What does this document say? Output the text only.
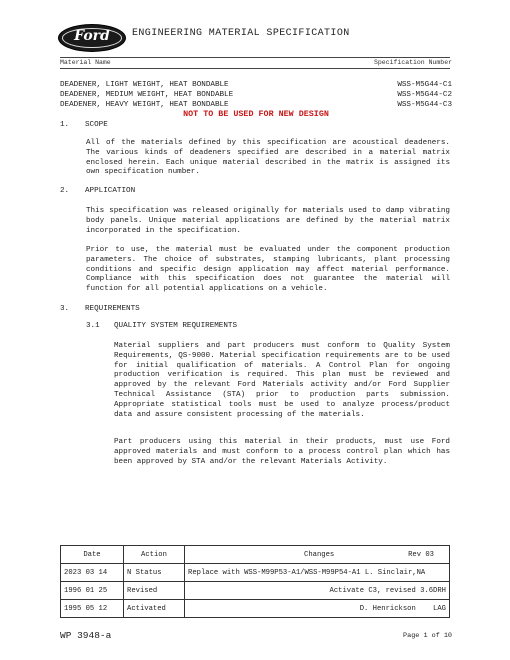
Ford	ENGINEERING MATERIAL SPECIFICATION
Material Name	Specification Number
DEADENER, LIGHT WEIGHT, HEAT BONDABLE	WSS-M5G44-C1
DEADENER, MEDIUM WEIGHT, HEAT BONDABLE	WSS-M5G44-C2
DEADENER, HEAVY WEIGHT, HEAT BONDABLE	WSS-M5G44-C3
NOT TO BE USED FOR NEW DESIGN
1. SCOPE
All of the materials defined by this specification are acoustical deadeners. The various kinds of deadeners specified are described in a material matrix enclosed herein. Each unique material described in the matrix is assigned its own specification number.
2. APPLICATION
This specification was released originally for materials used to damp vibrating body panels. Unique material applications are defined by the material matrix incorporated in the specification.
Prior to use, the material must be evaluated under the component production parameters. The choice of substrates, stamping lubricants, plant processing conditions and specific design application may affect material performance. Compliance with this specification does not guarantee the material will function for all potential applications on a vehicle.
3. REQUIREMENTS
3.1 QUALITY SYSTEM REQUIREMENTS
Material suppliers and part producers must conform to Quality System Requirements, QS-9000. Material specification requirements are to be used for initial qualification of materials. A Control Plan for ongoing production verification is required. This plan must be reviewed and approved by the relevant Ford Materials activity and/or Ford Supplier Technical Assistance (STA) prior to production parts submission. Appropriate statistical tools must be used to analyze process/product data and assure consistent processing of the materials.
Part producers using this material in their products, must use Ford approved materials and must conform to a process control plan which has been approved by STA and/or the relevant Materials Activity.
Date	Action	Changes Rev 03

2023 03 14	N Status	Replace with WSS-M99P53-A1/WSS-M99P54-A1 L. Sinclair,NA
1996 01 25	Revised	Activate C3, revised 3.6DRH
1995 05 12	Activated	D. Henrickson    LAG
WP 3948-a	Page 1 of 10
